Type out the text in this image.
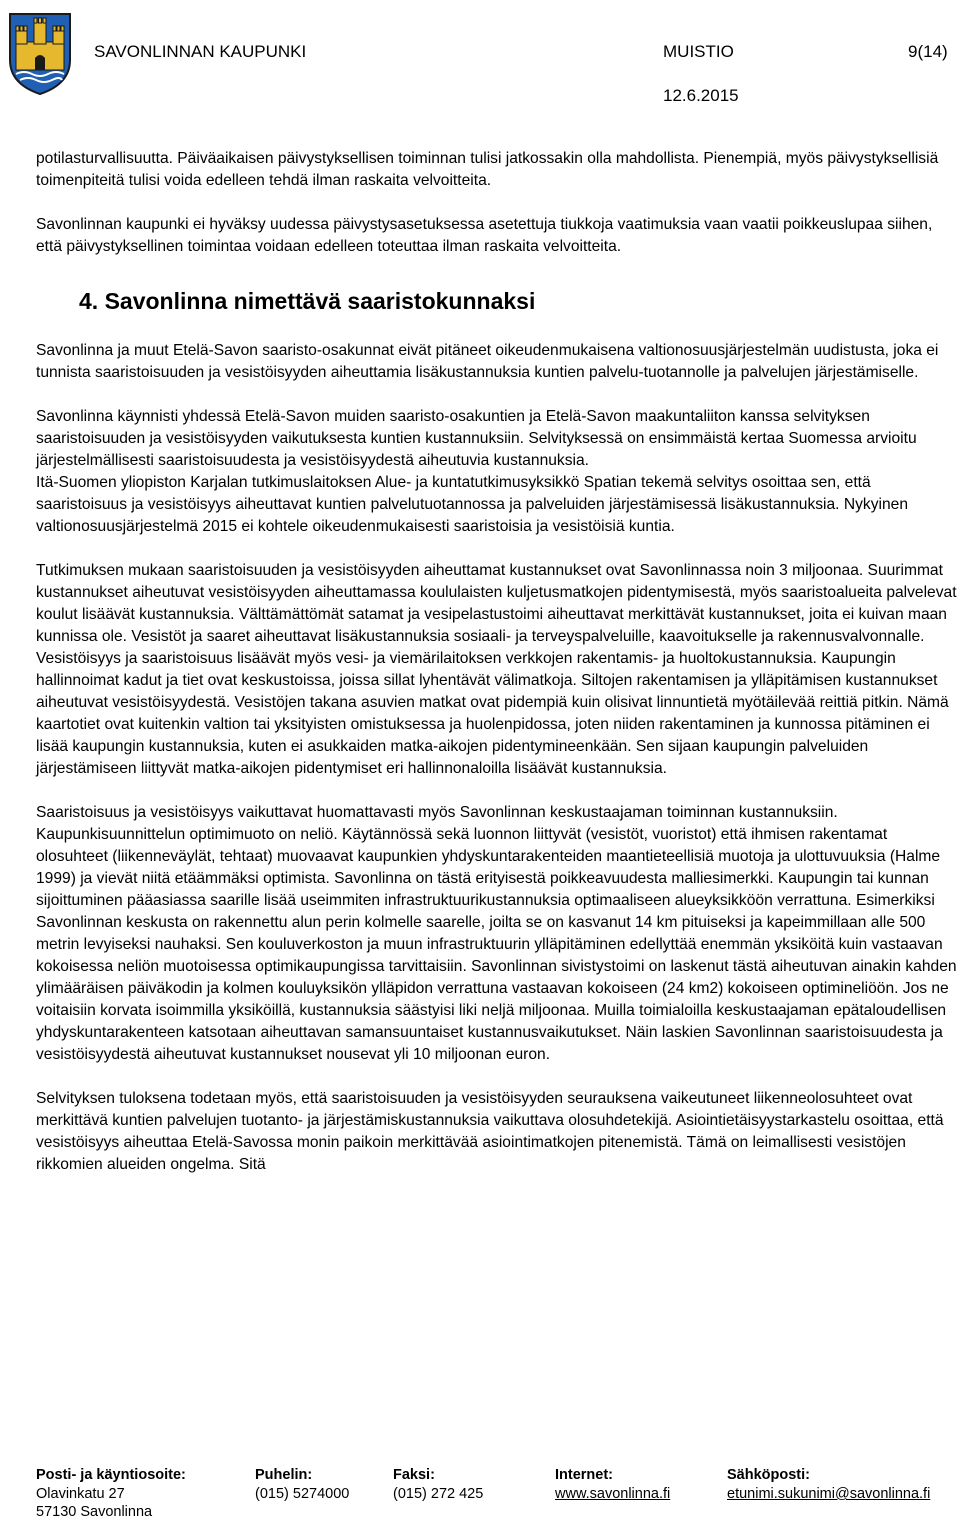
SAVONLINNAN KAUPUNKI	MUISTIO	9(14)
12.6.2015

potilasturvallisuutta. Päiväaikaisen päivystyksellisen toiminnan tulisi jatkossakin olla mahdollista. Pienempiä, myös päivystyksellisiä toimenpiteitä tulisi voida edelleen tehdä ilman raskaita velvoitteita.

Savonlinnan kaupunki ei hyväksy uudessa päivystysasetuksessa asetettuja tiukkoja vaatimuksia vaan vaatii poikkeuslupaa siihen, että päivystyksellinen toimintaa voidaan edelleen toteuttaa ilman raskaita velvoitteita.

4. Savonlinna nimettävä saaristokunnaksi

Savonlinna ja muut Etelä-Savon saaristo-osakunnat eivät pitäneet oikeudenmukaisena valtionosuusjärjestelmän uudistusta, joka ei tunnista saaristoisuuden ja vesistöisyyden aiheuttamia lisäkustannuksia kuntien palvelu-tuotannolle ja palvelujen järjestämiselle.

Savonlinna käynnisti yhdessä Etelä-Savon muiden saaristo-osakuntien ja Etelä-Savon maakuntaliiton kanssa selvityksen saaristoisuuden ja vesistöisyyden vaikutuksesta kuntien kustannuksiin. Selvityksessä on ensimmäistä kertaa Suomessa arvioitu järjestelmällisesti saaristoisuudesta ja vesistöisyydestä aiheutuvia kustannuksia.

Itä-Suomen yliopiston Karjalan tutkimuslaitoksen Alue- ja kuntatutkimusyksikkö Spatian tekemä selvitys osoittaa sen, että saaristoisuus ja vesistöisyys aiheuttavat kuntien palvelutuotannossa ja palveluiden järjestämisessä lisäkustannuksia. Nykyinen valtionosuusjärjestelmä 2015 ei kohtele oikeudenmukaisesti saaristoisia ja vesistöisiä kuntia.

Tutkimuksen mukaan saaristoisuuden ja vesistöisyyden aiheuttamat kustannukset ovat Savonlinnassa noin 3 miljoonaa. Suurimmat kustannukset aiheutuvat vesistöisyyden aiheuttamassa koululaisten kuljetusmatkojen pidentymisestä, myös saaristoalueita palvelevat koulut lisäävät kustannuksia. Välttämättömät satamat ja vesipelastustoimi aiheuttavat merkittävät kustannukset, joita ei kuivan maan kunnissa ole. Vesistöt ja saaret aiheuttavat lisäkustannuksia sosiaali- ja terveyspalveluille, kaavoitukselle ja rakennusvalvonnalle. Vesistöisyys ja saaristoisuus lisäävät myös vesi- ja viemärilaitoksen verkkojen rakentamis- ja huoltokustannuksia. Kaupungin hallinnoimat kadut ja tiet ovat keskustoissa, joissa sillat lyhentävät välimatkoja. Siltojen rakentamisen ja ylläpitämisen kustannukset aiheutuvat vesistöisyydestä. Vesistöjen takana asuvien matkat ovat pidempiä kuin olisivat linnuntietä myötäilevää reittiä pitkin. Nämä kaartotiet ovat kuitenkin valtion tai yksityisten omistuksessa ja huolenpidossa, joten niiden rakentaminen ja kunnossa pitäminen ei lisää kaupungin kustannuksia, kuten ei asukkaiden matka-aikojen pidentymineenkään. Sen sijaan kaupungin palveluiden järjestämiseen liittyvät matka-aikojen pidentymiset eri hallinnonaloilla lisäävät kustannuksia.

Saaristoisuus ja vesistöisyys vaikuttavat huomattavasti myös Savonlinnan keskustaajaman toiminnan kustannuksiin. Kaupunkisuunnittelun optimimuoto on neliö. Käytännössä sekä luonnon liittyvät (vesistöt, vuoristot) että ihmisen rakentamat olosuhteet (liikenneväylät, tehtaat) muovaavat kaupunkien yhdyskuntarakenteiden maantieteellisiä muotoja ja ulottuvuuksia (Halme 1999) ja vievät niitä etäämmäksi optimista. Savonlinna on tästä erityisestä poikkeavuudesta malliesimerkki. Kaupungin tai kunnan sijoittuminen pääasiassa saarille lisää useimmiten infrastruktuurikustannuksia optimaaliseen alueyksikköön verrattuna. Esimerkiksi Savonlinnan keskusta on rakennettu alun perin kolmelle saarelle, joilta se on kasvanut 14 km pituiseksi ja kapeimmillaan alle 500 metrin levyiseksi nauhaksi. Sen kouluverkoston ja muun infrastruktuurin ylläpitäminen edellyttää enemmän yksiköitä kuin vastaavan kokoisessa neliön muotoisessa optimikaupungissa tarvittaisiin. Savonlinnan sivistystoimi on laskenut tästä aiheutuvan ainakin kahden ylimääräisen päiväkodin ja kolmen kouluyksikön ylläpidon verrattuna vastaavan kokoiseen (24 km2) kokoiseen optimineliöön. Jos ne voitaisiin korvata isoimmilla yksiköillä, kustannuksia säästyisi liki neljä miljoonaa. Muilla toimialoilla keskustaajaman epätaloudellisen yhdyskuntarakenteen katsotaan aiheuttavan samansuuntaiset kustannusvaikutukset. Näin laskien Savonlinnan saaristoisuudesta ja vesistöisyydestä aiheutuvat kustannukset nousevat yli 10 miljoonan euron.

Selvityksen tuloksena todetaan myös, että saaristoisuuden ja vesistöisyyden seurauksena vaikeutuneet liikenneolosuhteet ovat merkittävä kuntien palvelujen tuotanto- ja järjestämiskustannuksia vaikuttava olosuhdetekijä. Asiointietäisyystarkastelu osoittaa, että vesistöisyys aiheuttaa Etelä-Savossa monin paikoin merkittävää asiointimatkojen pitenemistä. Tämä on leimallisesti vesistöjen rikkomien alueiden ongelma. Sitä

Posti- ja käyntiosoite:
Olavinkatu 27
57130 Savonlinna
Puhelin:
(015) 5274000
Faksi:
(015) 272 425
Internet:
www.savonlinna.fi
Sähköposti:
etunimi.sukunimi@savonlinna.fi
